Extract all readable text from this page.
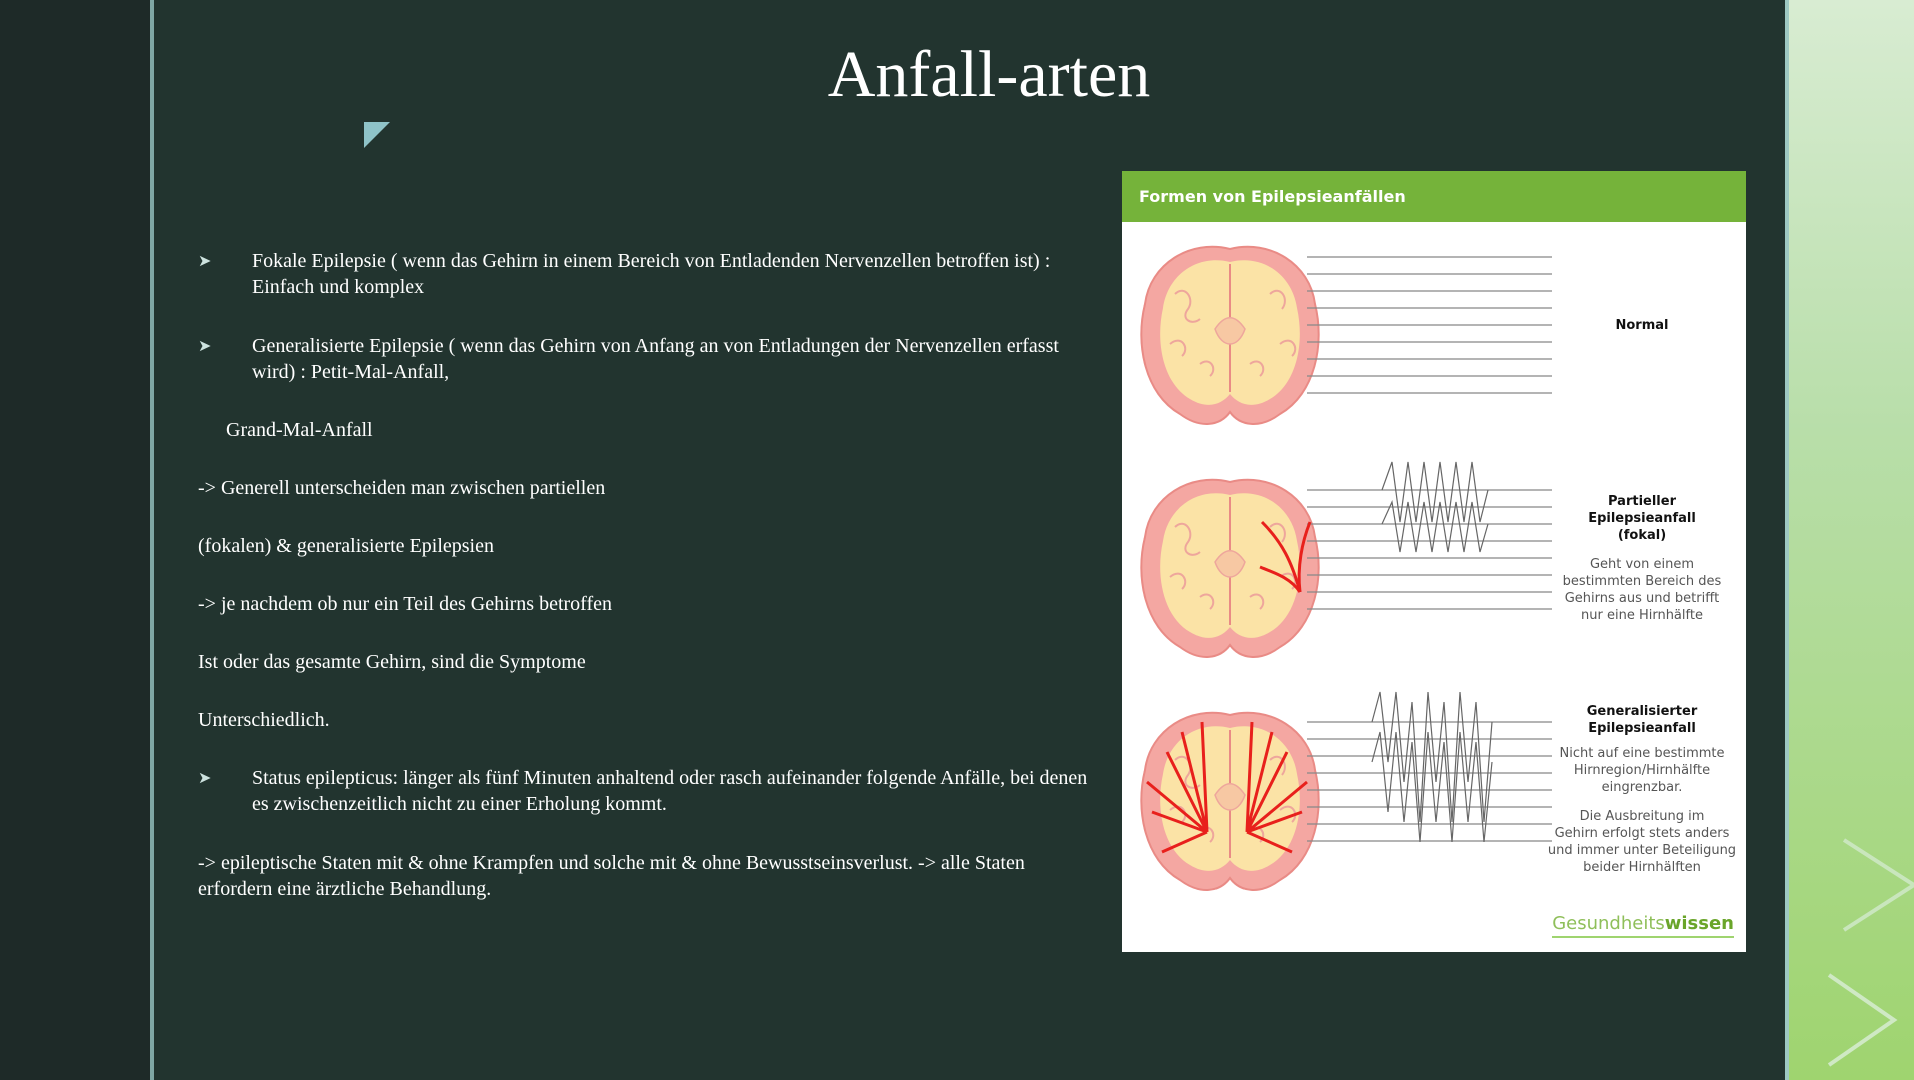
Anfall-arten
➤ Fokale Epilepsie ( wenn das Gehirn in einem Bereich von Entladenden Nervenzellen betroffen ist) : Einfach und komplex
➤ Generalisierte Epilepsie ( wenn das Gehirn von Anfang an von Entladungen der Nervenzellen erfasst wird) : Petit-Mal-Anfall,

Grand-Mal-Anfall

-> Generell unterscheiden man zwischen partiellen

(fokalen) & generalisierte Epilepsien

-> je nachdem ob nur ein Teil des Gehirns betroffen

Ist oder das gesamte Gehirn, sind die Symptome

Unterschiedlich.

➤ Status epilepticus: länger als fünf Minuten anhaltend oder rasch aufeinander folgende Anfälle, bei denen es zwischenzeitlich nicht zu einer Erholung kommt.

-> epileptische Staten mit & ohne Krampfen und solche mit & ohne Bewusstseinsverlust. -> alle Staten erfordern eine ärztliche Behandlung.

Formen von Epilepsieanfällen
Normal
Partieller
Epilepsieanfall
(fokal)
Geht von einem
bestimmten Bereich des
Gehirns aus und betrifft
nur eine Hirnhälfte
Generalisierter
Epilepsieanfall
Nicht auf eine bestimmte
Hirnregion/Hirnhälfte
eingrenzbar.
Die Ausbreitung im
Gehirn erfolgt stets anders
und immer unter Beteiligung
beider Hirnhälften
Gesundheitswissen
